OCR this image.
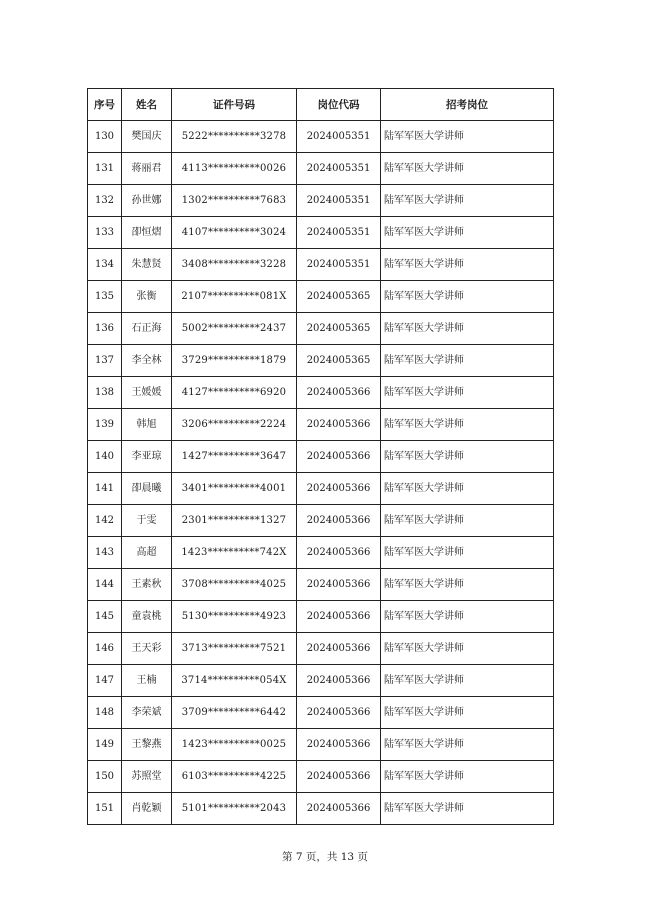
序号	姓名	证件号码	岗位代码	招考岗位
130	樊国庆	5222**********3278	2024005351	陆军军医大学讲师
131	蒋丽君	4113**********0026	2024005351	陆军军医大学讲师
132	孙世娜	1302**********7683	2024005351	陆军军医大学讲师
133	卲恒熠	4107**********3024	2024005351	陆军军医大学讲师
134	朱慧贤	3408**********3228	2024005351	陆军军医大学讲师
135	张衡	2107**********081X	2024005365	陆军军医大学讲师
136	石正海	5002**********2437	2024005365	陆军军医大学讲师
137	李全林	3729**********1879	2024005365	陆军军医大学讲师
138	王媛媛	4127**********6920	2024005366	陆军军医大学讲师
139	韩旭	3206**********2224	2024005366	陆军军医大学讲师
140	李亚琼	1427**********3647	2024005366	陆军军医大学讲师
141	卲晨曦	3401**********4001	2024005366	陆军军医大学讲师
142	于雯	2301**********1327	2024005366	陆军军医大学讲师
143	高超	1423**********742X	2024005366	陆军军医大学讲师
144	王素秋	3708**********4025	2024005366	陆军军医大学讲师
145	童袁桃	5130**********4923	2024005366	陆军军医大学讲师
146	王天彩	3713**********7521	2024005366	陆军军医大学讲师
147	王楠	3714**********054X	2024005366	陆军军医大学讲师
148	李荣斌	3709**********6442	2024005366	陆军军医大学讲师
149	王黎燕	1423**********0025	2024005366	陆军军医大学讲师
150	苏照堂	6103**********4225	2024005366	陆军军医大学讲师
151	肖乾颖	5101**********2043	2024005366	陆军军医大学讲师
第 7 页，共 13 页
